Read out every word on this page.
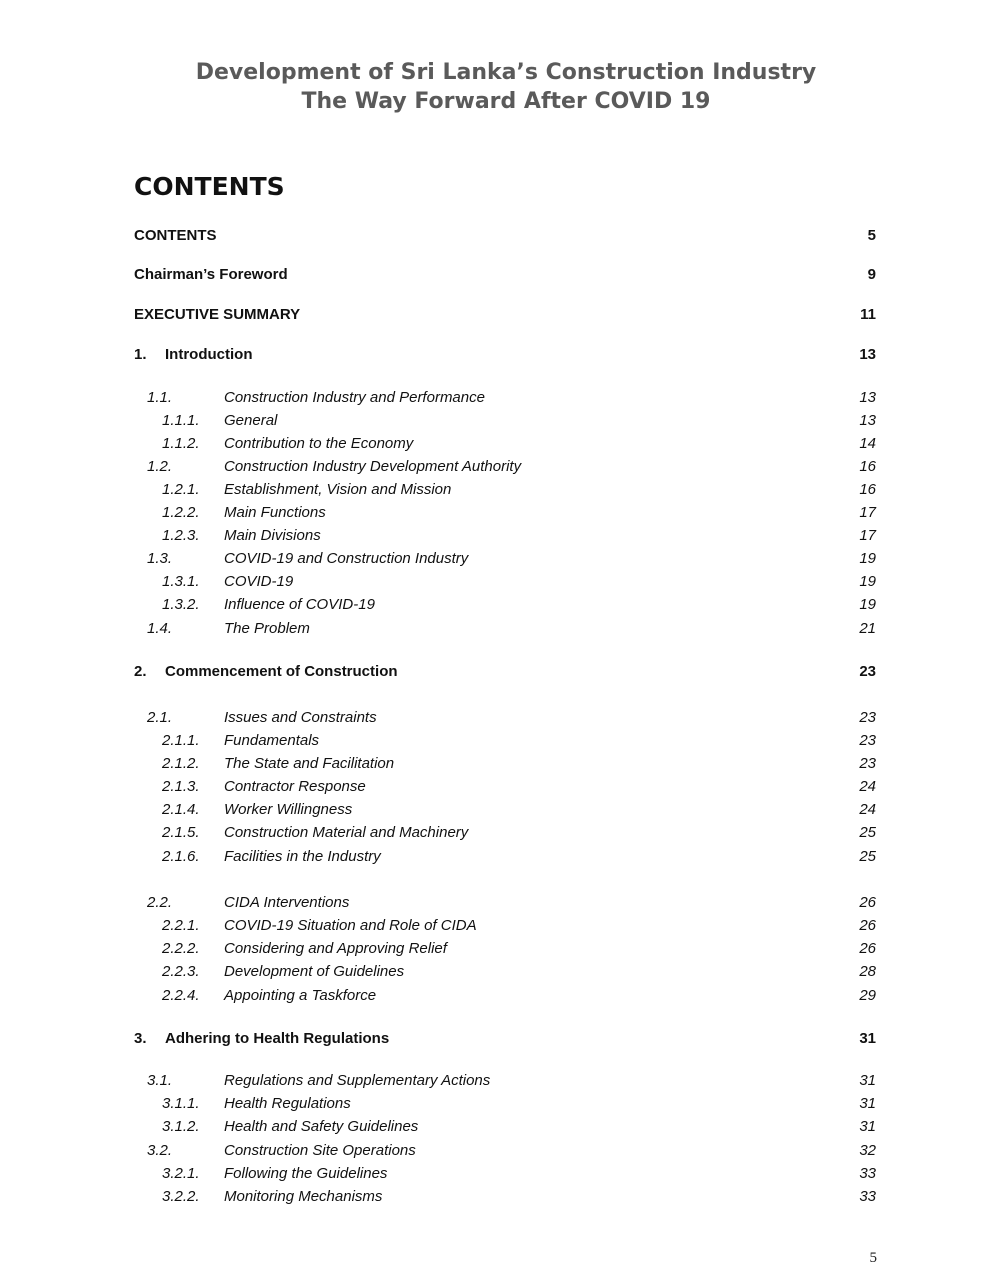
Development of Sri Lanka’s Construction Industry
The Way Forward After COVID 19
CONTENTS
CONTENTS	5
Chairman’s Foreword	9
EXECUTIVE SUMMARY	11
1. Introduction	13
1.1.	Construction Industry and Performance	13
1.1.1. General	13
1.1.2. Contribution to the Economy	14
1.2.	Construction Industry Development Authority	16
1.2.1. Establishment, Vision and Mission	16
1.2.2. Main Functions	17
1.2.3. Main Divisions	17
1.3.	COVID-19 and Construction Industry	19
1.3.1. COVID-19	19
1.3.2. Influence of COVID-19	19
1.4.	The Problem	21
2. Commencement of Construction	23
2.1.	Issues and Constraints	23
2.1.1. Fundamentals	23
2.1.2. The State and Facilitation	23
2.1.3. Contractor Response	24
2.1.4. Worker Willingness	24
2.1.5. Construction Material and Machinery	25
2.1.6. Facilities in the Industry	25
2.2.	CIDA Interventions	26
2.2.1. COVID-19 Situation and Role of CIDA	26
2.2.2. Considering and Approving Relief	26
2.2.3. Development of Guidelines	28
2.2.4. Appointing a Taskforce	29
3. Adhering to Health Regulations	31
3.1.	Regulations and Supplementary Actions	31
3.1.1. Health Regulations	31
3.1.2. Health and Safety Guidelines	31
3.2.	Construction Site Operations	32
3.2.1. Following the Guidelines	33
3.2.2. Monitoring Mechanisms	33
5
